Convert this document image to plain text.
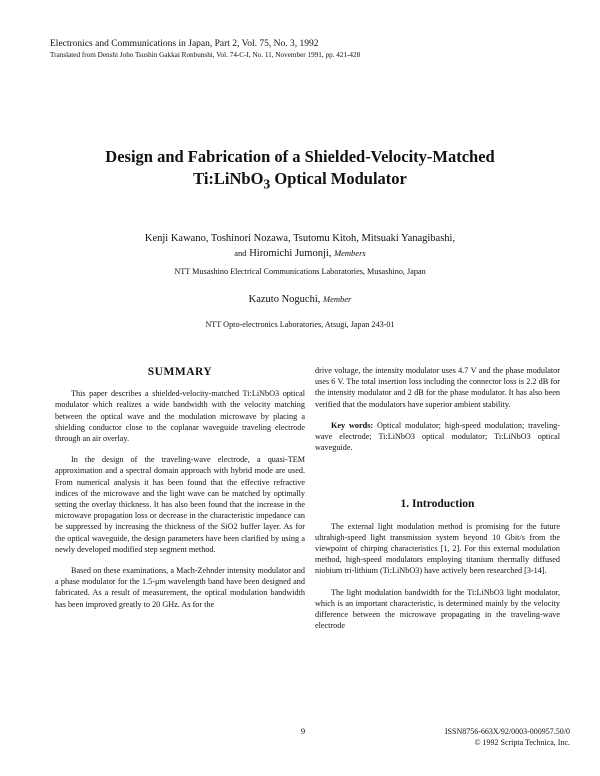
Electronics and Communications in Japan, Part 2, Vol. 75, No. 3, 1992
Translated from Denshi Joho Tsushin Gakkai Ronbunshi, Vol. 74-C-I, No. 11, November 1991, pp. 421-428
Design and Fabrication of a Shielded-Velocity-Matched
Ti:LiNbO$_3$ Optical Modulator
Kenji Kawano, Toshinori Nozawa, Tsutomu Kitoh, Mitsuaki Yanagibashi,
and Hiromichi Jumonji, Members
NTT Musashino Electrical Communications Laboratories, Musashino, Japan
Kazuto Noguchi, Member
NTT Opto-electronics Laboratories, Atsugi, Japan 243-01
SUMMARY

This paper describes a shielded-velocity-matched Ti:LiNbO3 optical modulator which realizes a wide bandwidth with the velocity matching between the optical wave and the modulation microwave by placing a shielding conductor close to the coplanar waveguide traveling electrode through an air overlay.

In the design of the traveling-wave electrode, a quasi-TEM approximation and a spectral domain approach with hybrid mode are used. From numerical analysis it has been found that the effective refractive indices of the microwave and the light wave can be matched by optimally setting the overlay thickness. It has also been found that the increase in the microwave propagation loss or decrease in the characteristic impedance can be suppressed by increasing the thickness of the SiO2 buffer layer. As for the optical waveguide, the design parameters have been clarified by using a newly developed modified step segment method.

Based on these examinations, a Mach-Zehnder intensity modulator and a phase modulator for the 1.5-μm wavelength band have been designed and fabricated. As a result of measurement, the optical modulation bandwidth has been improved greatly to 20 GHz. As for the

drive voltage, the intensity modulator uses 4.7 V and the phase modulator uses 6 V. The total insertion loss including the connector loss is 2.2 dB for the intensity modulator and 2 dB for the phase modulator. It has also been verified that the modulators have superior ambient stability.

Key words: Optical modulator; high-speed modulation; traveling-wave electrode; Ti:LiNbO3 optical modulator; Ti:LiNbO3 optical waveguide.

1. Introduction

The external light modulation method is promising for the future ultrahigh-speed light transmission system beyond 10 Gbit/s from the viewpoint of chirping characteristics [1, 2]. For this external modulation method, high-speed modulators employing titanium thermally diffused niobium tri-lithium (Ti:LiNbO3) have actively been researched [3-14].

The light modulation bandwidth for the Ti:LiNbO3 light modulator, which is an important characteristic, is determined mainly by the velocity difference between the microwave propagating in the traveling-wave electrode

9	ISSN8756-663X/92/0003-000957.50/0
© 1992 Scripta Technica, Inc.
